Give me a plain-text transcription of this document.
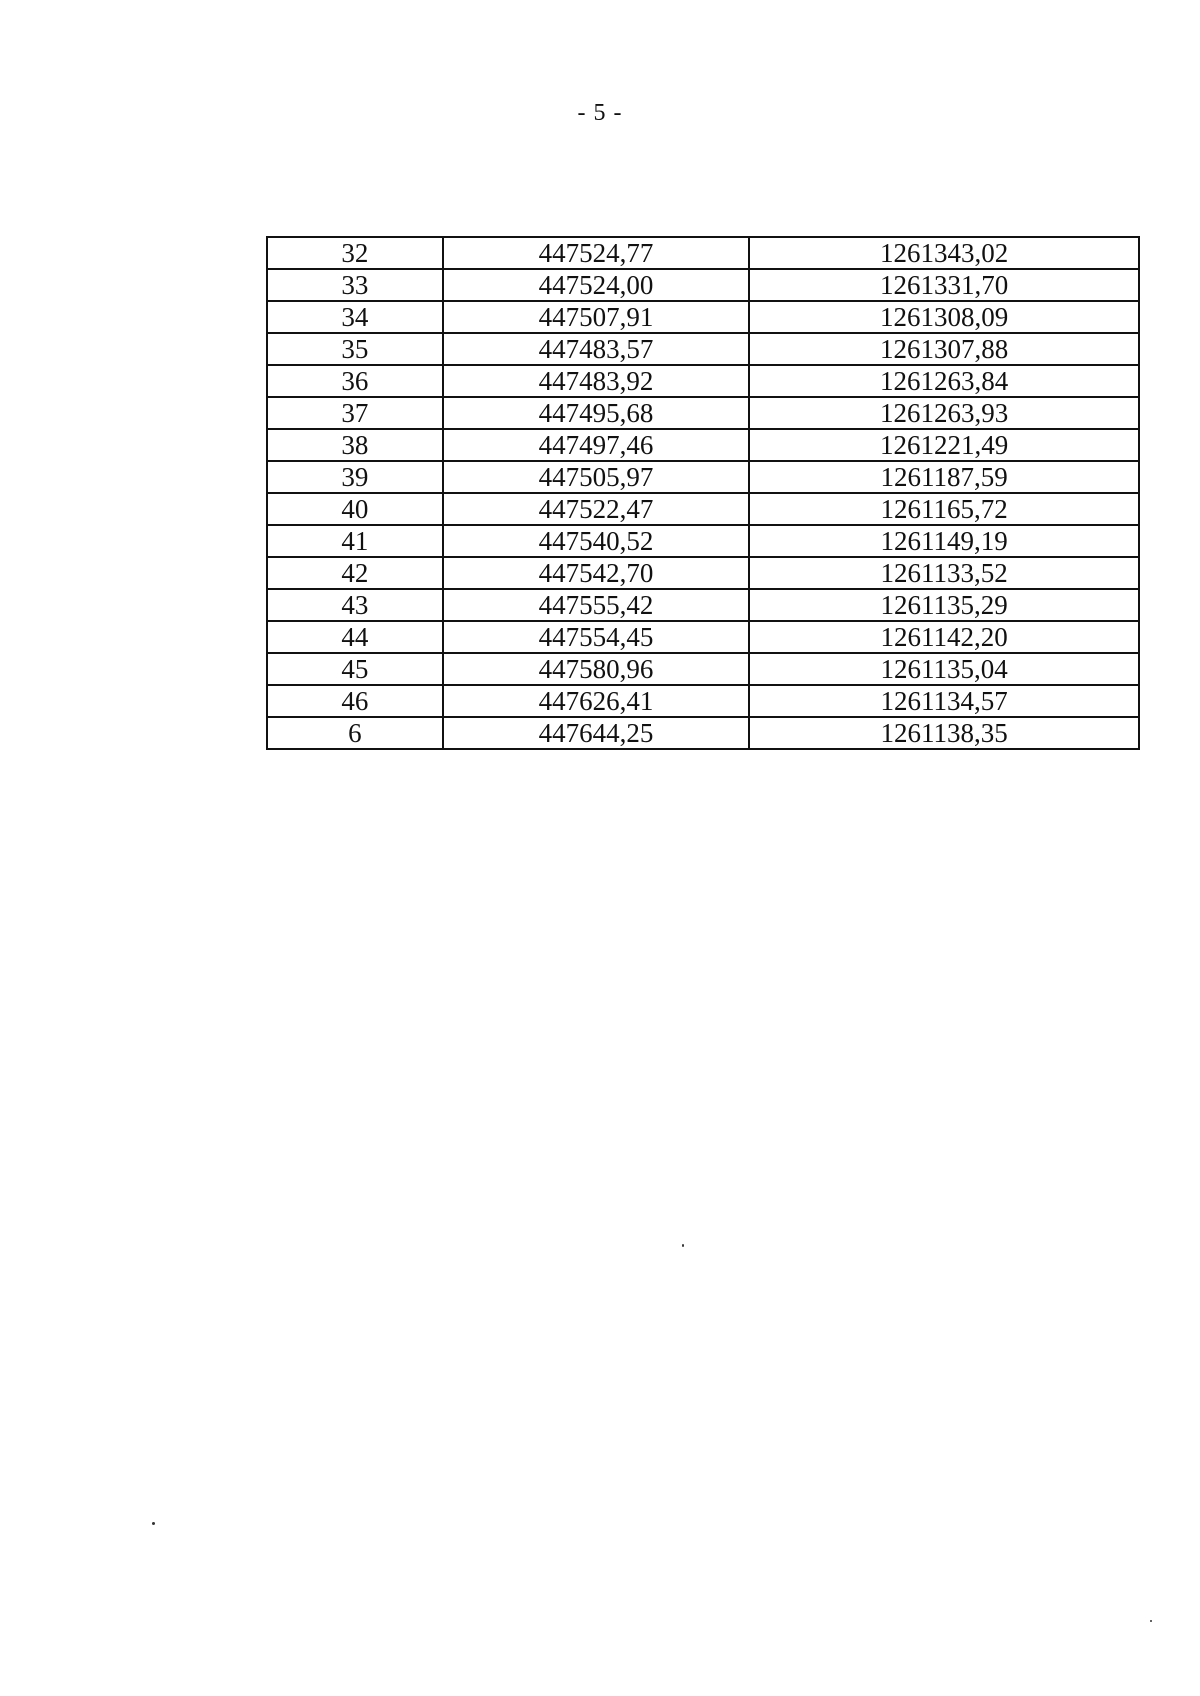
- 5 -
32	447524,77	1261343,02
33	447524,00	1261331,70
34	447507,91	1261308,09
35	447483,57	1261307,88
36	447483,92	1261263,84
37	447495,68	1261263,93
38	447497,46	1261221,49
39	447505,97	1261187,59
40	447522,47	1261165,72
41	447540,52	1261149,19
42	447542,70	1261133,52
43	447555,42	1261135,29
44	447554,45	1261142,20
45	447580,96	1261135,04
46	447626,41	1261134,57
6	447644,25	1261138,35
